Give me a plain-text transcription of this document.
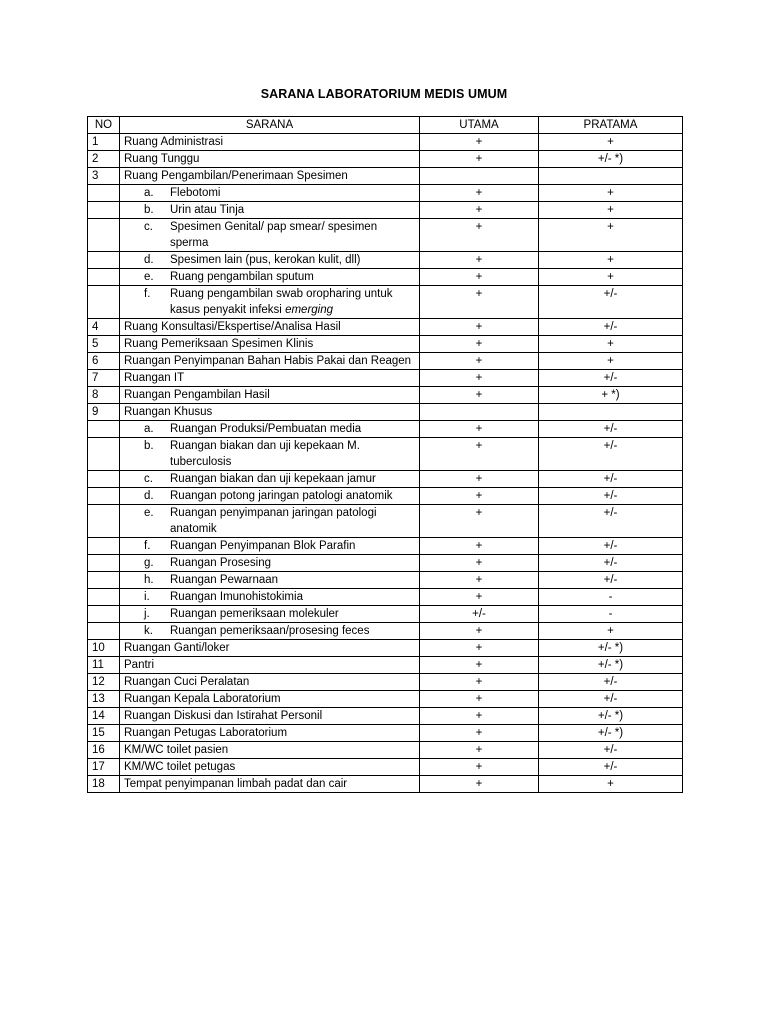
SARANA LABORATORIUM MEDIS UMUM
NO	SARANA	UTAMA	PRATAMA
1	Ruang Administrasi	+	+
2	Ruang Tunggu	+	+/- *)
3	Ruang Pengambilan/Penerimaan Spesimen		

	a. Flebotomi	+	+

	b. Urin atau Tinja	+	+

	c. Spesimen Genital/ pap smear/ spesimen sperma	+	+

	d. Spesimen lain (pus, kerokan kulit, dll)	+	+

	e. Ruang pengambilan sputum	+	+

	f. Ruang pengambilan swab oropharing untuk kasus penyakit infeksi emerging	+	+/-
4	Ruang Konsultasi/Ekspertise/Analisa Hasil	+	+/-
5	Ruang Pemeriksaan Spesimen Klinis	+	+
6	Ruangan Penyimpanan Bahan Habis Pakai dan Reagen	+	+
7	Ruangan IT	+	+/-
8	Ruangan Pengambilan Hasil	+	+ *)
9	Ruangan Khusus		

	a. Ruangan Produksi/Pembuatan media	+	+/-

	b. Ruangan biakan dan uji kepekaan M. tuberculosis	+	+/-

	c. Ruangan biakan dan uji kepekaan jamur	+	+/-

	d. Ruangan potong jaringan patologi anatomik	+	+/-

	e. Ruangan penyimpanan jaringan patologi anatomik	+	+/-

	f. Ruangan Penyimpanan Blok Parafin	+	+/-

	g. Ruangan Prosesing	+	+/-

	h. Ruangan Pewarnaan	+	+/-

	i. Ruangan Imunohistokimia	+	-

	j. Ruangan pemeriksaan molekuler	+/-	-

	k. Ruangan pemeriksaan/prosesing feces	+	+
10	Ruangan Ganti/loker	+	+/- *)
11	Pantri	+	+/- *)
12	Ruangan Cuci Peralatan	+	+/-
13	Ruangan Kepala Laboratorium	+	+/-
14	Ruangan Diskusi dan Istirahat Personil	+	+/- *)
15	Ruangan Petugas Laboratorium	+	+/- *)
16	KM/WC toilet pasien	+	+/-
17	KM/WC toilet petugas	+	+/-
18	Tempat penyimpanan limbah padat dan cair	+	+
